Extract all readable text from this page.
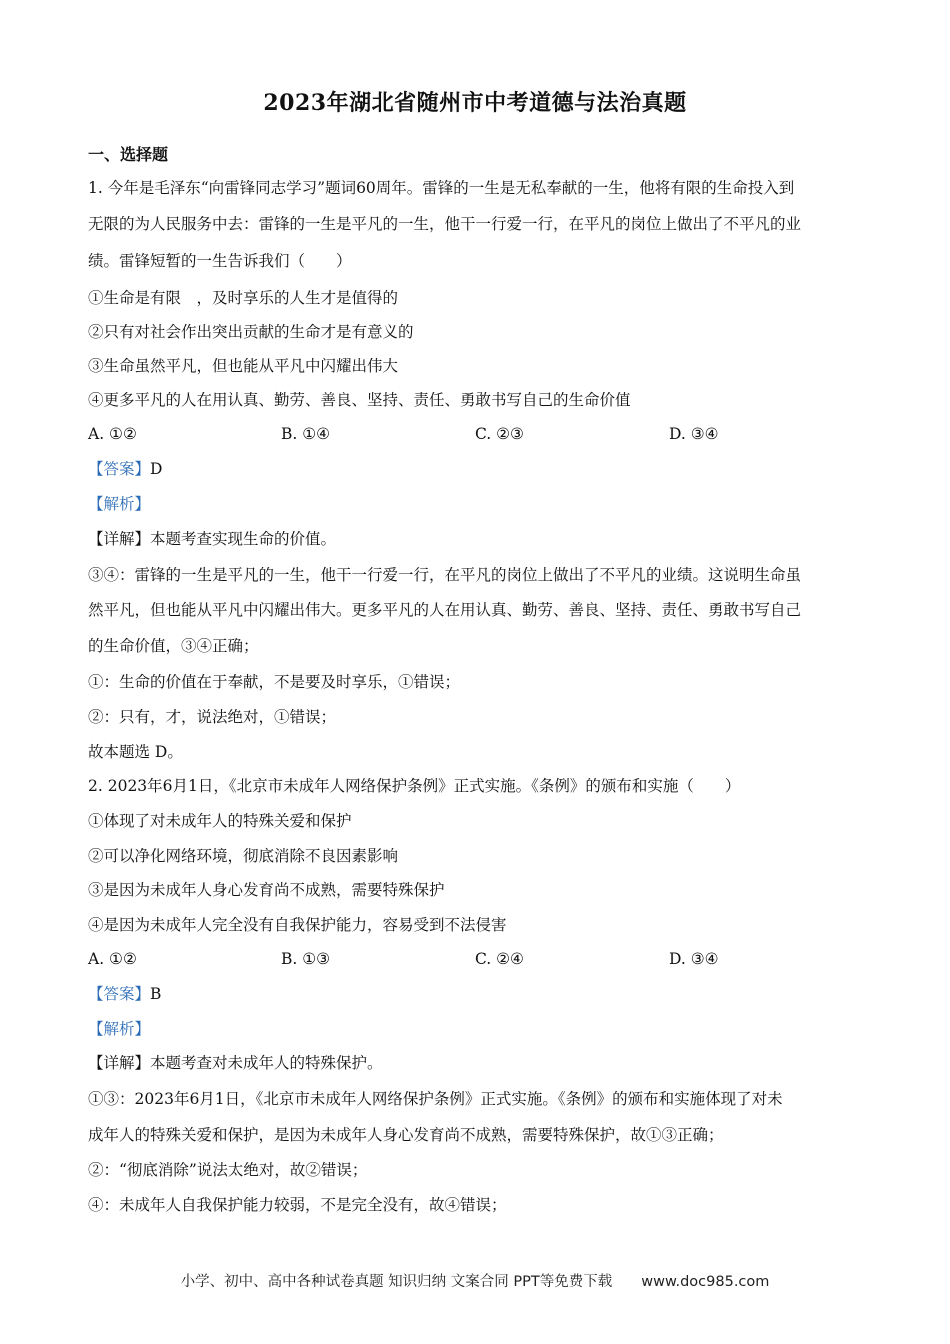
2023年湖北省随州市中考道德与法治真题
一、选择题
1. 今年是毛泽东“向雷锋同志学习”题词60周年。雷锋的一生是无私奉献的一生，他将有限的生命投入到
无限的为人民服务中去：雷锋的一生是平凡的一生，他干一行爱一行，在平凡的岗位上做出了不平凡的业
绩。雷锋短暂的一生告诉我们（　　）
①生命是有限　，及时享乐的人生才是值得的
②只有对社会作出突出贡献的生命才是有意义的
③生命虽然平凡，但也能从平凡中闪耀出伟大
④更多平凡的人在用认真、勤劳、善良、坚持、责任、勇敢书写自己的生命价值
A. ①②	B. ①④	C. ②③	D. ③④
【答案】D
【解析】
【详解】本题考查实现生命的价值。
③④：雷锋的一生是平凡的一生，他干一行爱一行，在平凡的岗位上做出了不平凡的业绩。这说明生命虽
然平凡，但也能从平凡中闪耀出伟大。更多平凡的人在用认真、勤劳、善良、坚持、责任、勇敢书写自己
的生命价值，③④正确；
①：生命的价值在于奉献，不是要及时享乐，①错误；
②：只有，才，说法绝对，①错误；
故本题选 D。
2. 2023年6月1日，《北京市未成年人网络保护条例》正式实施。《条例》的颁布和实施（　　）
①体现了对未成年人的特殊关爱和保护
②可以净化网络环境，彻底消除不良因素影响
③是因为未成年人身心发育尚不成熟，需要特殊保护
④是因为未成年人完全没有自我保护能力，容易受到不法侵害
A. ①②	B. ①③	C. ②④	D. ③④
【答案】B
【解析】
【详解】本题考查对未成年人的特殊保护。
①③：2023年6月1日，《北京市未成年人网络保护条例》正式实施。《条例》的颁布和实施体现了对未
成年人的特殊关爱和保护，是因为未成年人身心发育尚不成熟，需要特殊保护，故①③正确；
②：“彻底消除”说法太绝对，故②错误；
④：未成年人自我保护能力较弱，不是完全没有，故④错误；
小学、初中、高中各种试卷真题 知识归纳 文案合同 PPT等免费下载　　www.doc985.com
